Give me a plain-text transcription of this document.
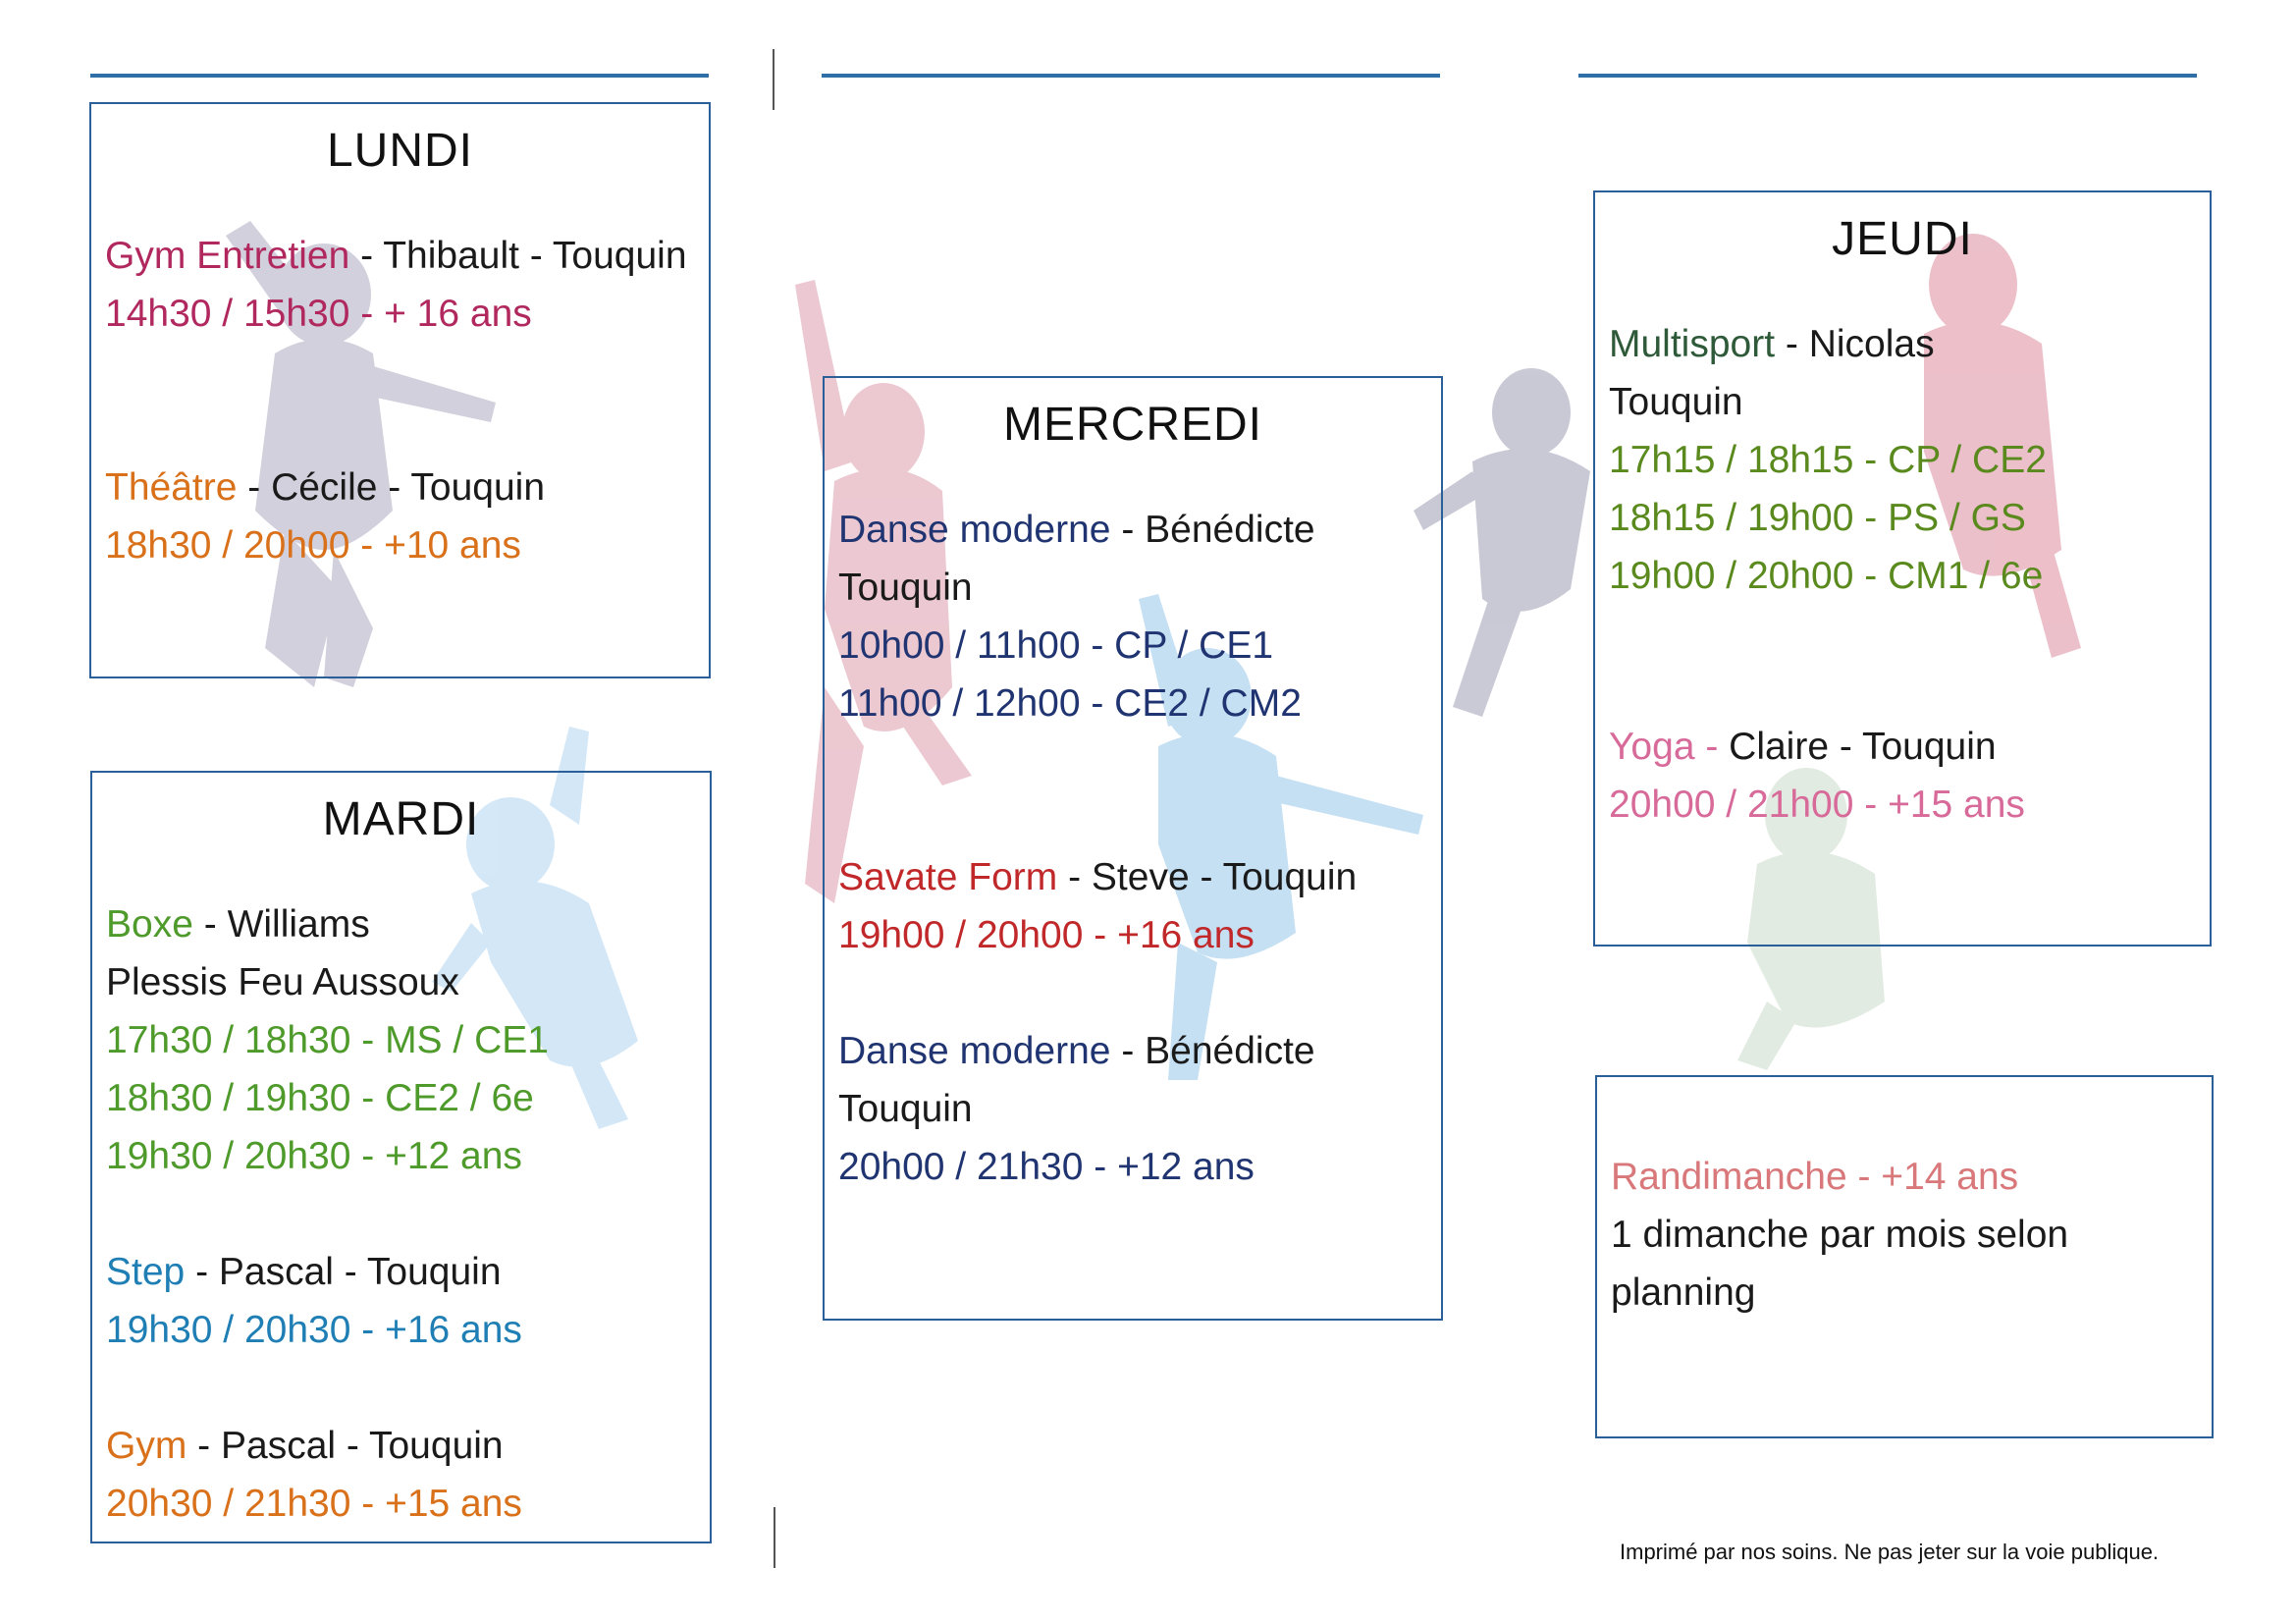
LUNDI

Gym Entretien - Thibault - Touquin

14h30 / 15h30 - + 16 ans

Théâtre - Cécile - Touquin

18h30 / 20h00 - +10 ans

MARDI

Boxe - Williams

Plessis Feu Aussoux

17h30 / 18h30 - MS / CE1

18h30 / 19h30 - CE2 / 6e

19h30 / 20h30 - +12 ans

Step - Pascal - Touquin

19h30 / 20h30 - +16 ans

Gym - Pascal - Touquin

20h30 / 21h30 - +15 ans

MERCREDI

Danse moderne - Bénédicte

Touquin

10h00 / 11h00 - CP / CE1

11h00 / 12h00 - CE2 / CM2

Savate Form - Steve - Touquin

19h00 / 20h00 - +16 ans

Danse moderne - Bénédicte

Touquin

20h00 / 21h30 - +12 ans

JEUDI

Multisport - Nicolas

Touquin

17h15 / 18h15 - CP / CE2

18h15 / 19h00 - PS / GS

19h00 / 20h00 - CM1 / 6e

Yoga - Claire - Touquin

20h00 / 21h00 - +15 ans

Randimanche - +14 ans

1 dimanche par mois selon

planning

Imprimé par nos soins. Ne pas jeter sur la voie publique.
